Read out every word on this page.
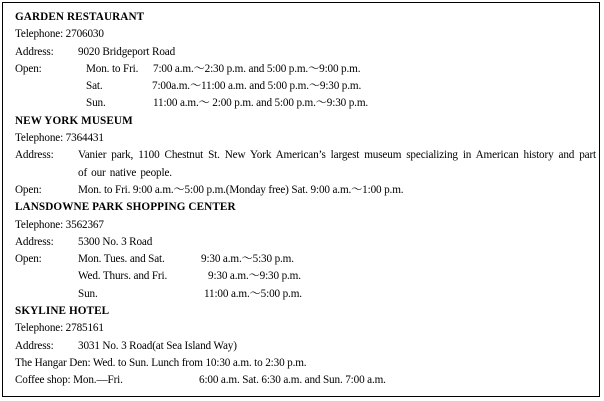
GARDEN RESTAURANT
Telephone: 2706030
Address: 9020 Bridgeport Road
Open:	Mon. to Fri. 7:00 a.m.～2:30 p.m. and 5:00 p.m.～9:00 p.m.
Sat.	7:00a.m.～11:00 a.m. and 5:00 p.m.～9:30 p.m.
Sun.	11:00 a.m.～ 2:00 p.m. and 5:00 p.m.～9:30 p.m.
NEW YORK MUSEUM
Telephone: 7364431
Address: Vanier park, 1100 Chestnut St. New York American’s largest museum specializing in American history and part of our native people.
Open:	Mon. to Fri. 9:00 a.m.～5:00 p.m.(Monday free) Sat. 9:00 a.m.～1:00 p.m.
LANSDOWNE PARK SHOPPING CENTER
Telephone: 3562367
Address: 5300 No. 3 Road
Open:	Mon. Tues. and Sat.	9:30 a.m.～5:30 p.m.
Wed. Thurs. and Fri.	9:30 a.m.～9:30 p.m.
Sun.	11:00 a.m.～5:00 p.m.
SKYLINE HOTEL
Telephone: 2785161
Address: 3031 No. 3 Road(at Sea Island Way)
The Hangar Den: Wed. to Sun. Lunch from 10:30 a.m. to 2:30 p.m.
Coffee shop: Mon.—Fri.	6:00 a.m. Sat. 6:30 a.m. and Sun. 7:00 a.m.
